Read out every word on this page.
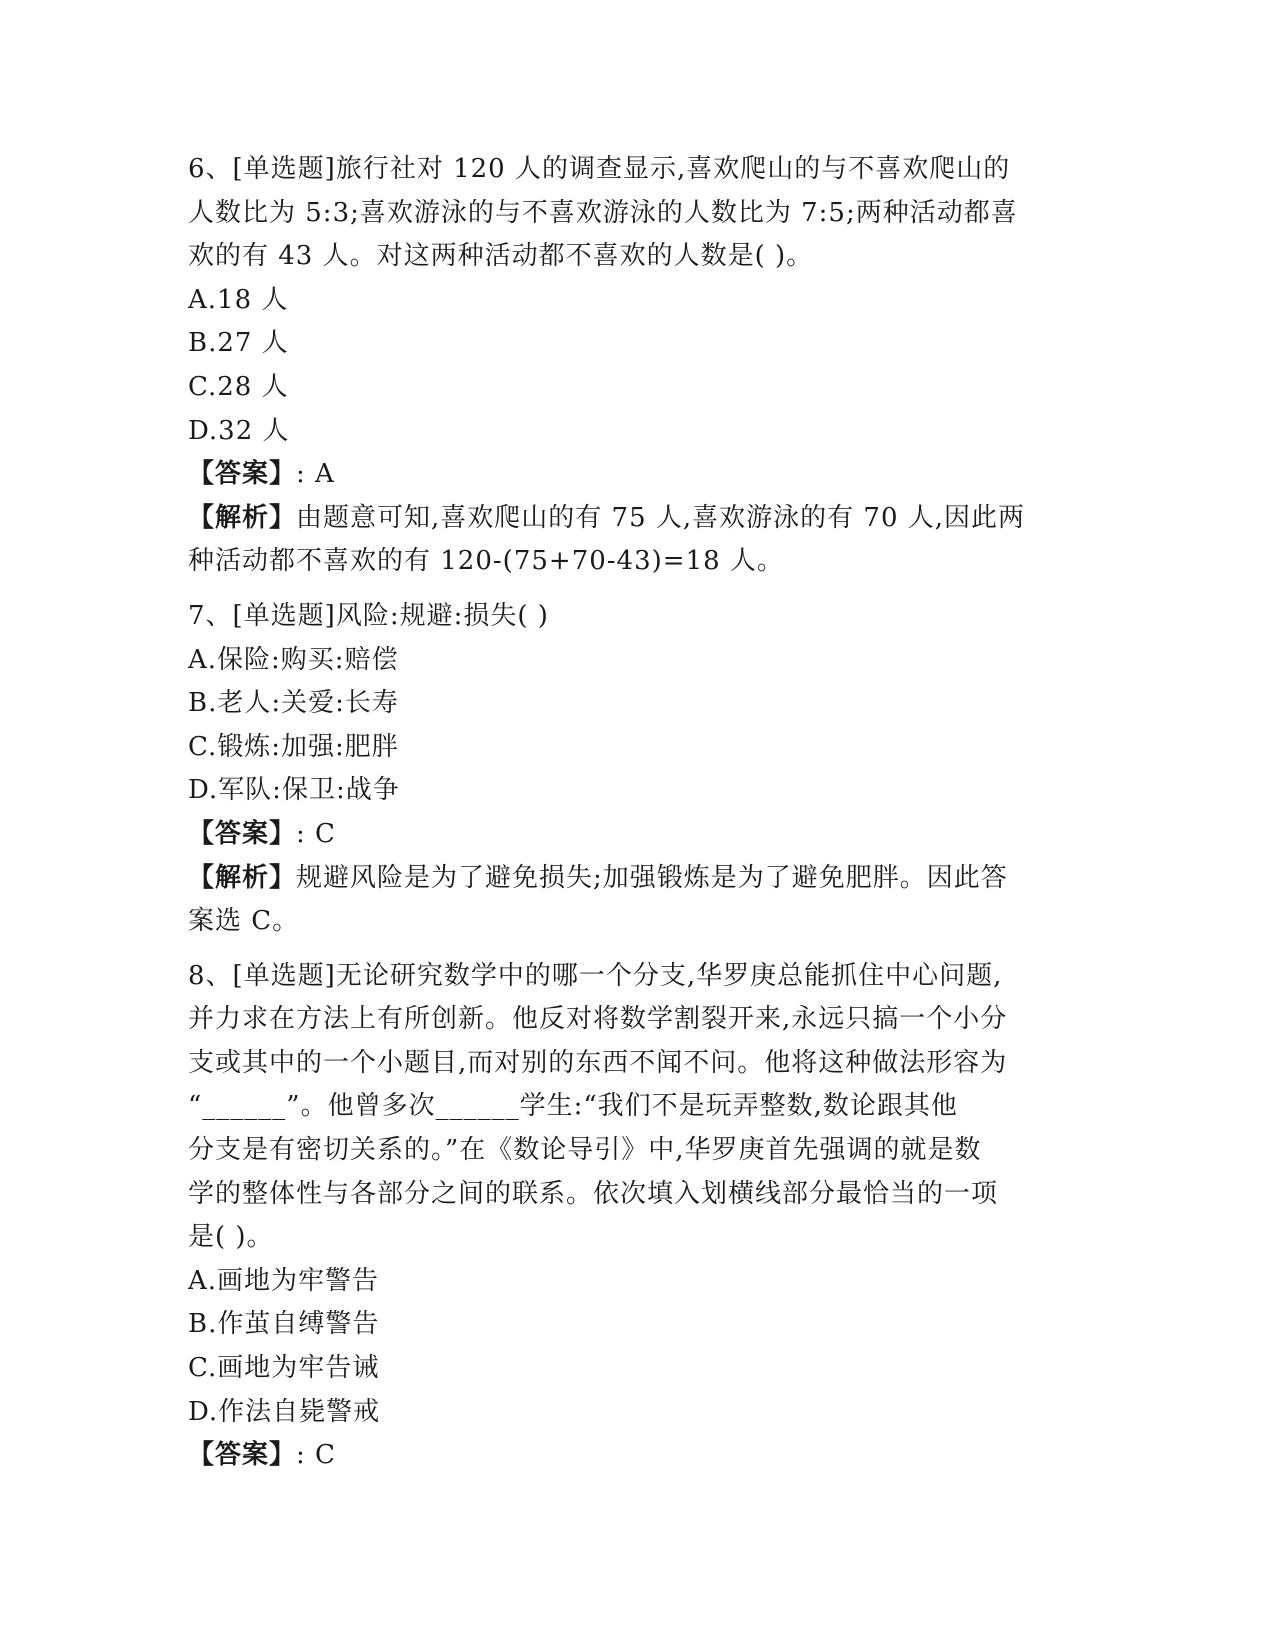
6、[单选题]旅行社对 120 人的调查显示,喜欢爬山的与不喜欢爬山的
人数比为 5:3;喜欢游泳的与不喜欢游泳的人数比为 7:5;两种活动都喜
欢的有 43 人。对这两种活动都不喜欢的人数是( )。
A.18 人
B.27 人
C.28 人
D.32 人
【答案】: A
【解析】由题意可知,喜欢爬山的有 75 人,喜欢游泳的有 70 人,因此两
种活动都不喜欢的有 120-(75+70-43)=18 人。
7、[单选题]风险:规避:损失( )
A.保险:购买:赔偿
B.老人:关爱:长寿
C.锻炼:加强:肥胖
D.军队:保卫:战争
【答案】: C
【解析】规避风险是为了避免损失;加强锻炼是为了避免肥胖。因此答
案选 C。
8、[单选题]无论研究数学中的哪一个分支,华罗庚总能抓住中心问题,
并力求在方法上有所创新。他反对将数学割裂开来,永远只搞一个小分
支或其中的一个小题目,而对别的东西不闻不问。他将这种做法形容为
“______”。他曾多次______学生:“我们不是玩弄整数,数论跟其他
分支是有密切关系的。”在《数论导引》中,华罗庚首先强调的就是数
学的整体性与各部分之间的联系。依次填入划横线部分最恰当的一项
是( )。
A.画地为牢警告
B.作茧自缚警告
C.画地为牢告诫
D.作法自毙警戒
【答案】: C
